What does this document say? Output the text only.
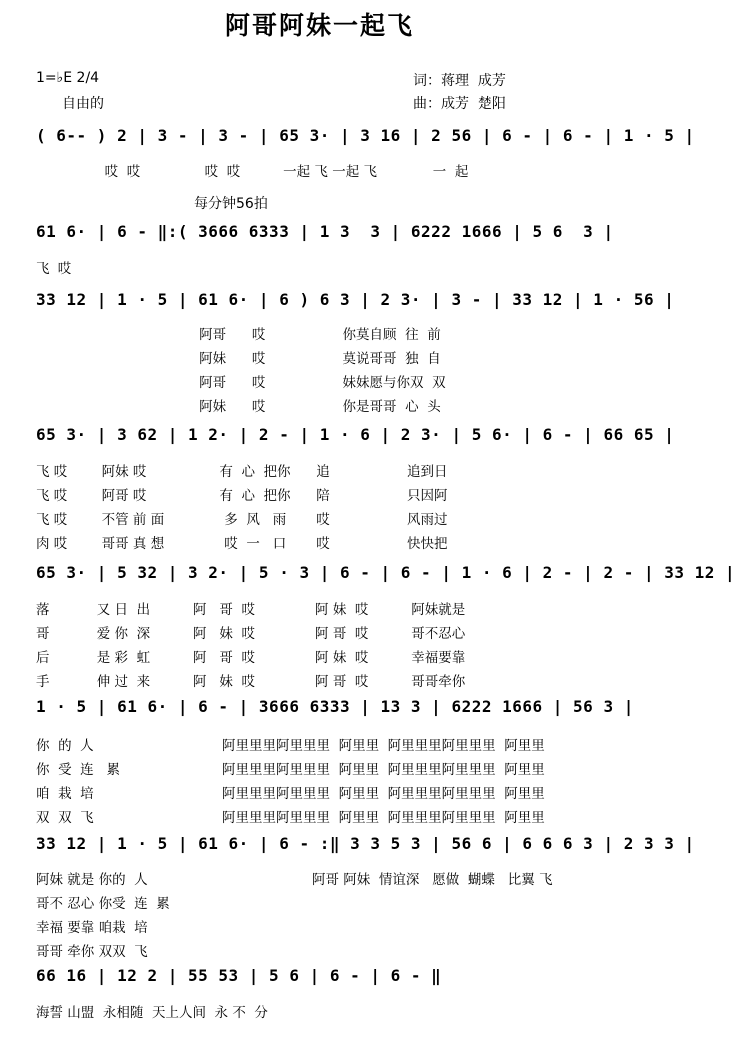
阿哥阿妹一起飞
1=♭E 2/4
自由的
词：蒋理  成芳
曲：成芳  楚阳
( 6-- ) 2 | 3 - | 3 - | 65 3· | 3 16 | 2 56 | 6 - | 6 - | 1 · 5 |
哎  哎               哎  哎          一起 飞 一起 飞             一  起
每分钟56拍
61 6· | 6 - ‖:( 3666 6333 | 1 3  3 | 6222 1666 | 5 6  3 |
飞 哎
33 12 | 1 · 5 | 61 6· | 6 ) 6 3 | 2 3· | 3 - | 33 12 | 1 · 56 |
阿哥      哎                  你莫自顾  往  前
阿妹      哎                  莫说哥哥  独  自
阿哥      哎                  妹妹愿与你双  双
阿妹      哎                  你是哥哥  心  头
65 3· | 3 62 | 1 2· | 2 - | 1 · 6 | 2 3· | 5 6· | 6 - | 66 65 |
飞 哎        阿妹 哎                 有  心  把你      追                  追到日
飞 哎        阿哥 哎                 有  心  把你      陪                  只因阿
飞 哎        不管 前 面              多  风   雨       哎                  风雨过
肉 哎        哥哥 真 想              哎  一   口       哎                  快快把
65 3· | 5 32 | 3 2· | 5 · 3 | 6 - | 6 - | 1 · 6 | 2 - | 2 - | 33 12 |
落           又 日  出          阿   哥  哎              阿 妹  哎          阿妹就是
哥           爱 你  深          阿   妹  哎              阿 哥  哎          哥不忍心
后           是 彩  虹          阿   哥  哎              阿 妹  哎          幸福要靠
手           伸 过  来          阿   妹  哎              阿 哥  哎          哥哥牵你
1 · 5 | 61 6· | 6 - | 3666 6333 | 13 3 | 6222 1666 | 56 3 |
你  的  人
你  受  连   累
咱  栽  培
双  双  飞
阿里里里阿里里里  阿里里  阿里里里阿里里里  阿里里
阿里里里阿里里里  阿里里  阿里里里阿里里里  阿里里
阿里里里阿里里里  阿里里  阿里里里阿里里里  阿里里
阿里里里阿里里里  阿里里  阿里里里阿里里里  阿里里
33 12 | 1 · 5 | 61 6· | 6 - :‖ 3 3 5 3 | 56 6 | 6 6 6 3 | 2 3 3 |
阿妹 就是 你的  人
哥不 忍心 你受  连  累
幸福 要靠 咱栽  培
哥哥 牵你 双双  飞
阿哥 阿妹  情谊深   愿做  蝴蝶   比翼 飞
66 16 | 12 2 | 55 53 | 5 6 | 6 - | 6 - ‖
海誓 山盟  永相随  天上人间  永 不  分
